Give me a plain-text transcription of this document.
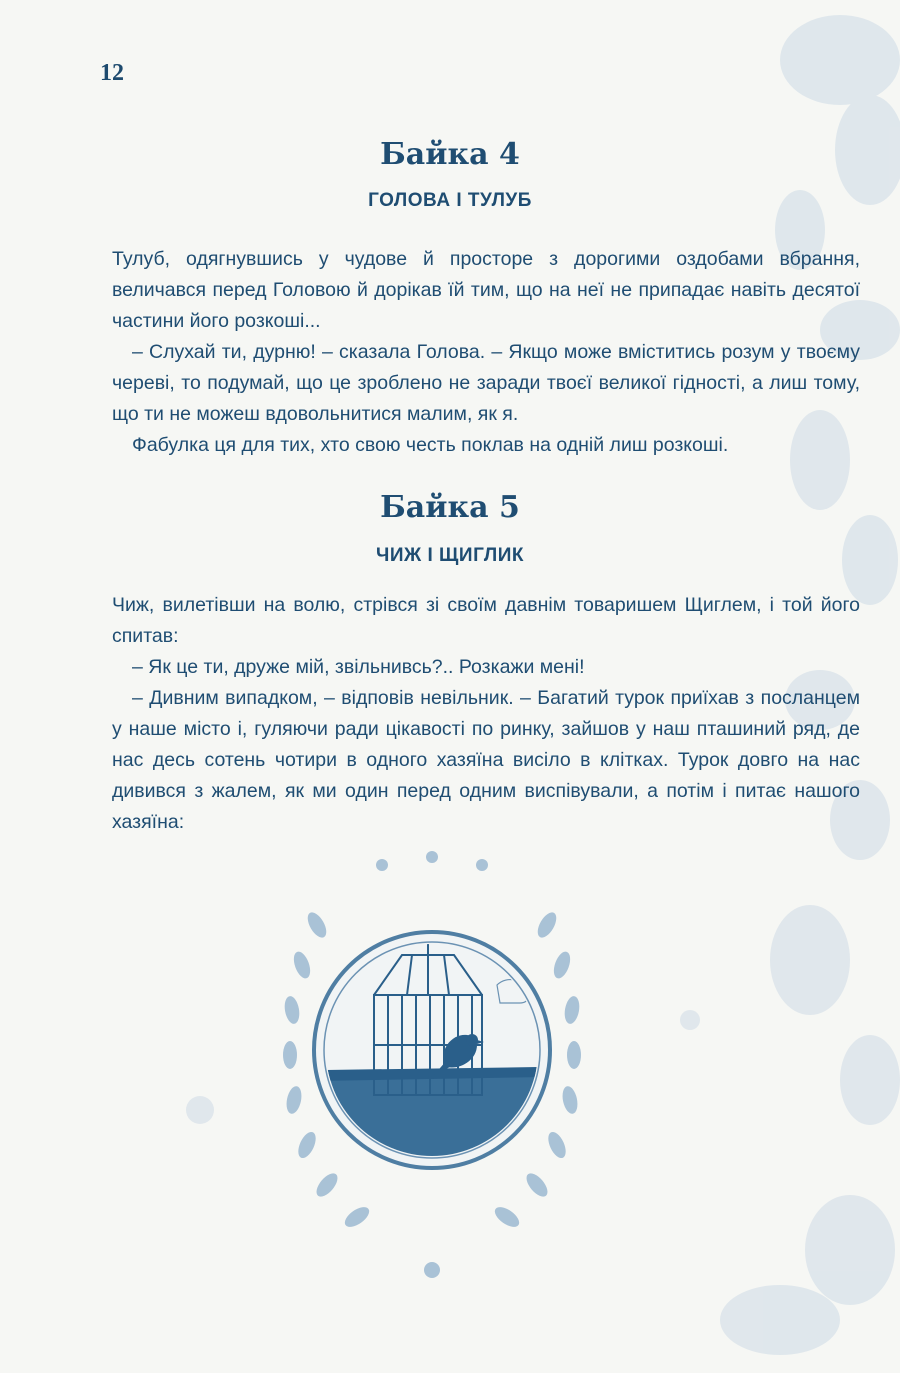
12
Байка 4
ГОЛОВА І ТУЛУБ

Тулуб, одягнувшись у чудове й просторе з дорогими оздобами вбрання, величався перед Головою й дорікав їй тим, що на неї не припадає навіть десятої частини його розкоші...

– Слухай ти, дурню! – сказала Голова. – Якщо може вміститись розум у твоєму череві, то подумай, що це зроблено не заради твоєї великої гідності, а лиш тому, що ти не можеш вдовольнитися малим, як я.

Фабулка ця для тих, хто свою честь поклав на одній лиш розкоші.

Байка 5
ЧИЖ І ЩИГЛИК

Чиж, вилетівши на волю, стрівся зі своїм давнім товаришем Щиглем, і той його спитав:

– Як це ти, друже мій, звільнивсь?.. Розкажи мені!

– Дивним випадком, – відповів невільник. – Багатий турок приїхав з посланцем у наше місто і, гуляючи ради цікавості по ринку, зайшов у наш пташиний ряд, де нас десь сотень чотири в одного хазяїна висіло в клітках. Турок довго на нас дивився з жалем, як ми один перед одним виспівували, а потім і питає нашого хазяїна:
